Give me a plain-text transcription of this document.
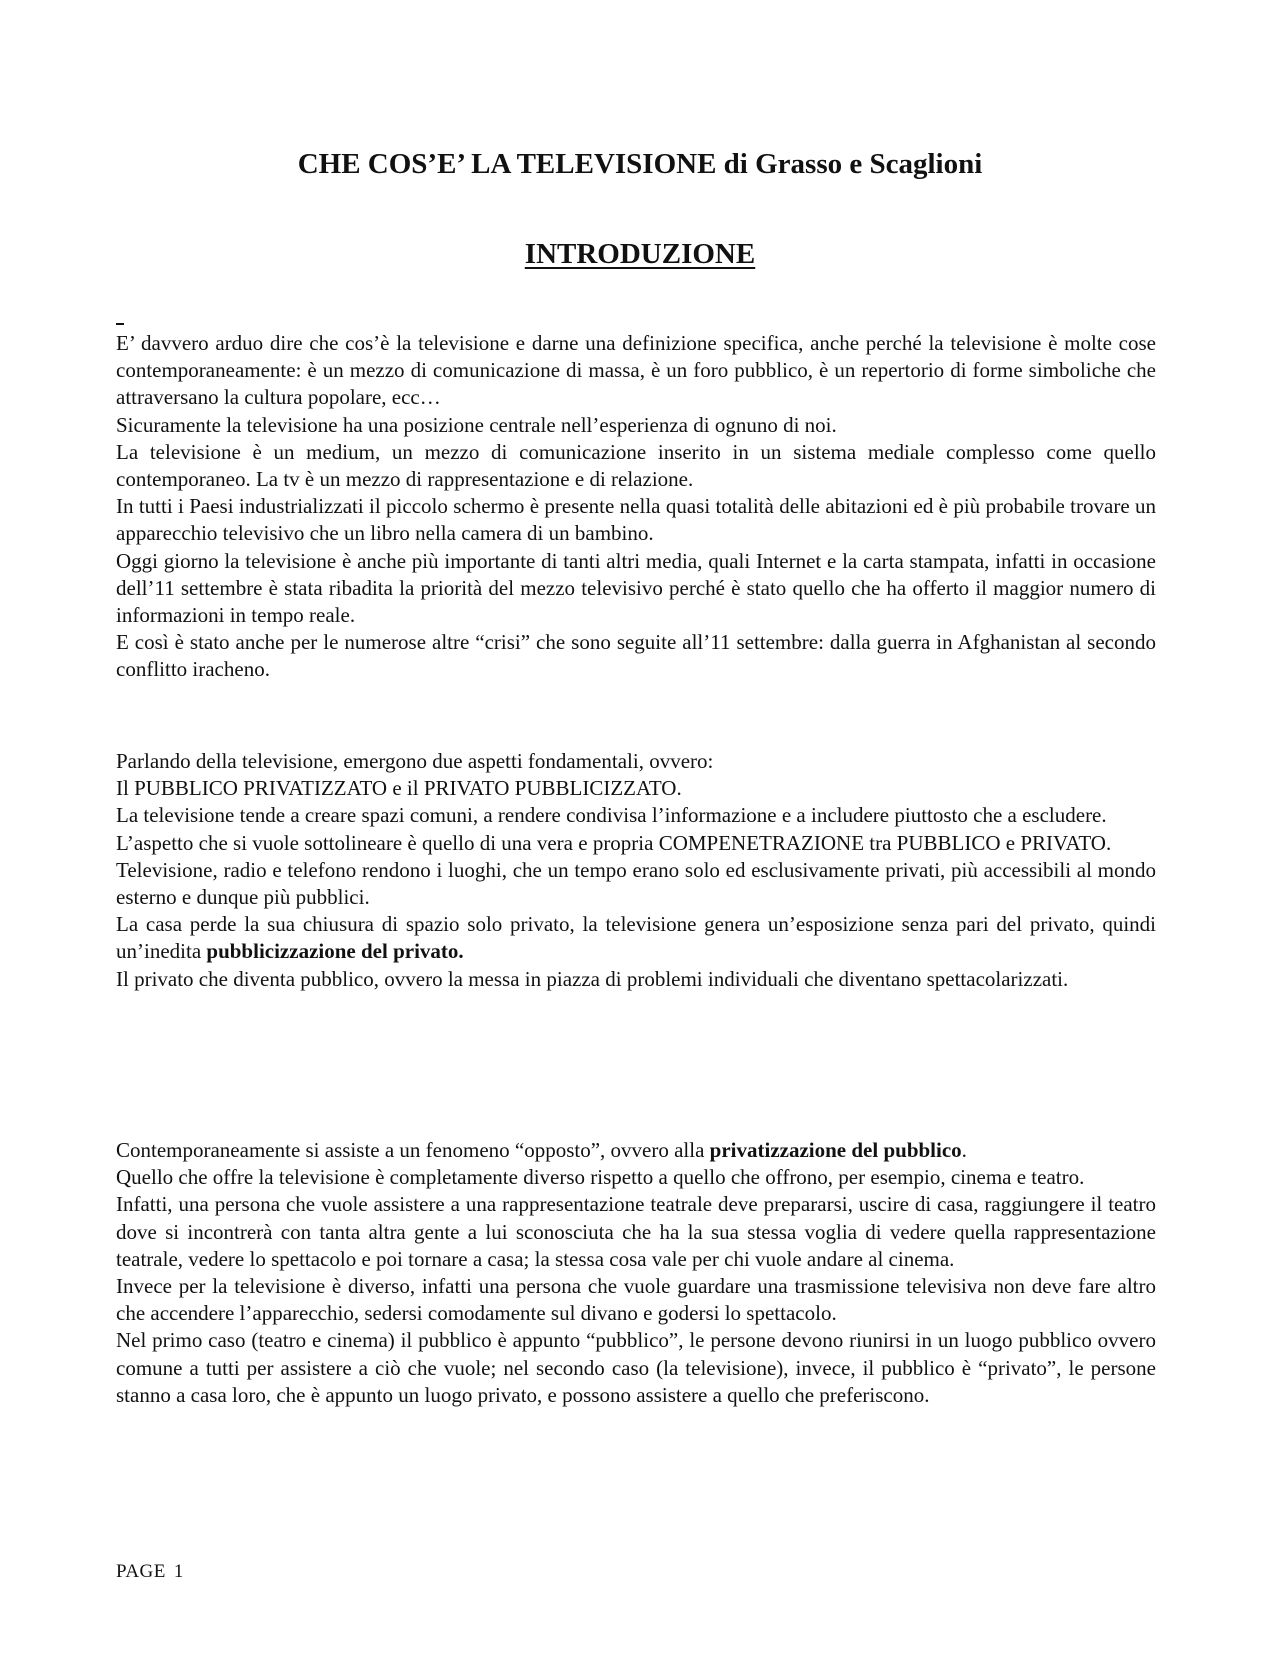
CHE COS’E’ LA TELEVISIONE di Grasso e Scaglioni
INTRODUZIONE

E’ davvero arduo dire che cos’è la televisione e darne una definizione specifica, anche perché la televisione è molte cose contemporaneamente: è un mezzo di comunicazione di massa, è un foro pubblico, è un repertorio di forme simboliche che attraversano la cultura popolare, ecc…

Sicuramente la televisione ha una posizione centrale nell’esperienza di ognuno di noi.

La televisione è un medium, un mezzo di comunicazione inserito in un sistema mediale complesso come quello contemporaneo. La tv è un mezzo di rappresentazione e di relazione.

In tutti i Paesi industrializzati il piccolo schermo è presente nella quasi totalità delle abitazioni ed è più probabile trovare un apparecchio televisivo che un libro nella camera di un bambino.

Oggi giorno la televisione è anche più importante di tanti altri media, quali Internet e la carta stampata, infatti in occasione dell’11 settembre è stata ribadita la priorità del mezzo televisivo perché è stato quello che ha offerto il maggior numero di informazioni in tempo reale.

E così è stato anche per le numerose altre “crisi” che sono seguite all’11 settembre: dalla guerra in Afghanistan al secondo conflitto iracheno.

Parlando della televisione, emergono due aspetti fondamentali, ovvero:

Il PUBBLICO PRIVATIZZATO e il PRIVATO PUBBLICIZZATO.

La televisione tende a creare spazi comuni, a rendere condivisa l’informazione e a includere piuttosto che a escludere.

L’aspetto che si vuole sottolineare è quello di una vera e propria COMPENETRAZIONE tra PUBBLICO e PRIVATO.

Televisione, radio e telefono rendono i luoghi, che un tempo erano solo ed esclusivamente privati, più accessibili al mondo esterno e dunque più pubblici.

La casa perde la sua chiusura di spazio solo privato, la televisione genera un’esposizione senza pari del privato, quindi un’inedita pubblicizzazione del privato.

Il privato che diventa pubblico, ovvero la messa in piazza di problemi individuali che diventano spettacolarizzati.

Contemporaneamente si assiste a un fenomeno “opposto”, ovvero alla privatizzazione del pubblico.

Quello che offre la televisione è completamente diverso rispetto a quello che offrono, per esempio, cinema e teatro.

Infatti, una persona che vuole assistere a una rappresentazione teatrale deve prepararsi, uscire di casa, raggiungere il teatro dove si incontrerà con tanta altra gente a lui sconosciuta che ha la sua stessa voglia di vedere quella rappresentazione teatrale, vedere lo spettacolo e poi tornare a casa; la stessa cosa vale per chi vuole andare al cinema.

Invece per la televisione è diverso, infatti una persona che vuole guardare una trasmissione televisiva non deve fare altro che accendere l’apparecchio, sedersi comodamente sul divano e godersi lo spettacolo.

Nel primo caso (teatro e cinema) il pubblico è appunto “pubblico”, le persone devono riunirsi in un luogo pubblico ovvero comune a tutti per assistere a ciò che vuole; nel secondo caso (la televisione), invece, il pubblico è “privato”, le persone stanno a casa loro, che è appunto un luogo privato, e possono assistere a quello che preferiscono.

PAGE 1
